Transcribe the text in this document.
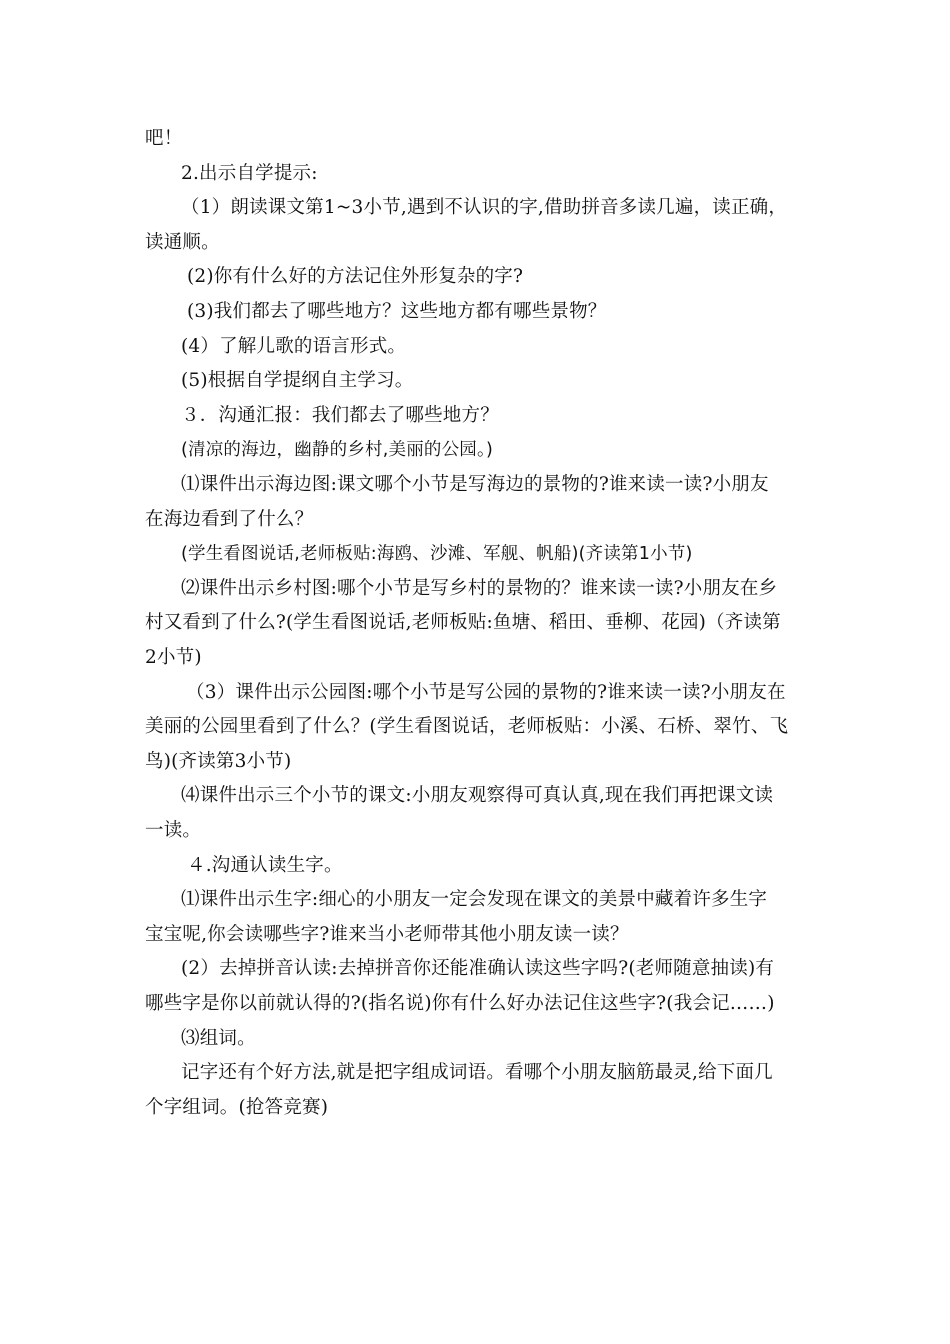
吧！
2.出示自学提示:
（1）朗读课文第1~3小节,遇到不认识的字,借助拼音多读几遍，读正确，
读通顺。
(2)你有什么好的方法记住外形复杂的字?
(3)我们都去了哪些地方？这些地方都有哪些景物？
(4）了解儿歌的语言形式。
(5)根据自学提纲自主学习。
３．沟通汇报：我们都去了哪些地方？
(清凉的海边，幽静的乡村,美丽的公园。)
⑴课件出示海边图:课文哪个小节是写海边的景物的?谁来读一读?小朋友
在海边看到了什么？
(学生看图说话,老师板贴:海鸥、沙滩、军舰、帆船)(齐读第1小节)
⑵课件出示乡村图:哪个小节是写乡村的景物的？谁来读一读?小朋友在乡
村又看到了什么?(学生看图说话,老师板贴:鱼塘、稻田、垂柳、花园)（齐读第
2小节)
（3）课件出示公园图:哪个小节是写公园的景物的?谁来读一读?小朋友在
美丽的公园里看到了什么？(学生看图说话，老师板贴：小溪、石桥、翠竹、飞
鸟)(齐读第3小节)
⑷课件出示三个小节的课文:小朋友观察得可真认真,现在我们再把课文读
一读。
４.沟通认读生字。
⑴课件出示生字:细心的小朋友一定会发现在课文的美景中藏着许多生字
宝宝呢,你会读哪些字?谁来当小老师带其他小朋友读一读？
(2）去掉拼音认读:去掉拼音你还能准确认读这些字吗?(老师随意抽读)有
哪些字是你以前就认得的?(指名说)你有什么好办法记住这些字?(我会记……)
⑶组词。
记字还有个好方法,就是把字组成词语。看哪个小朋友脑筋最灵,给下面几
个字组词。(抢答竞赛)
